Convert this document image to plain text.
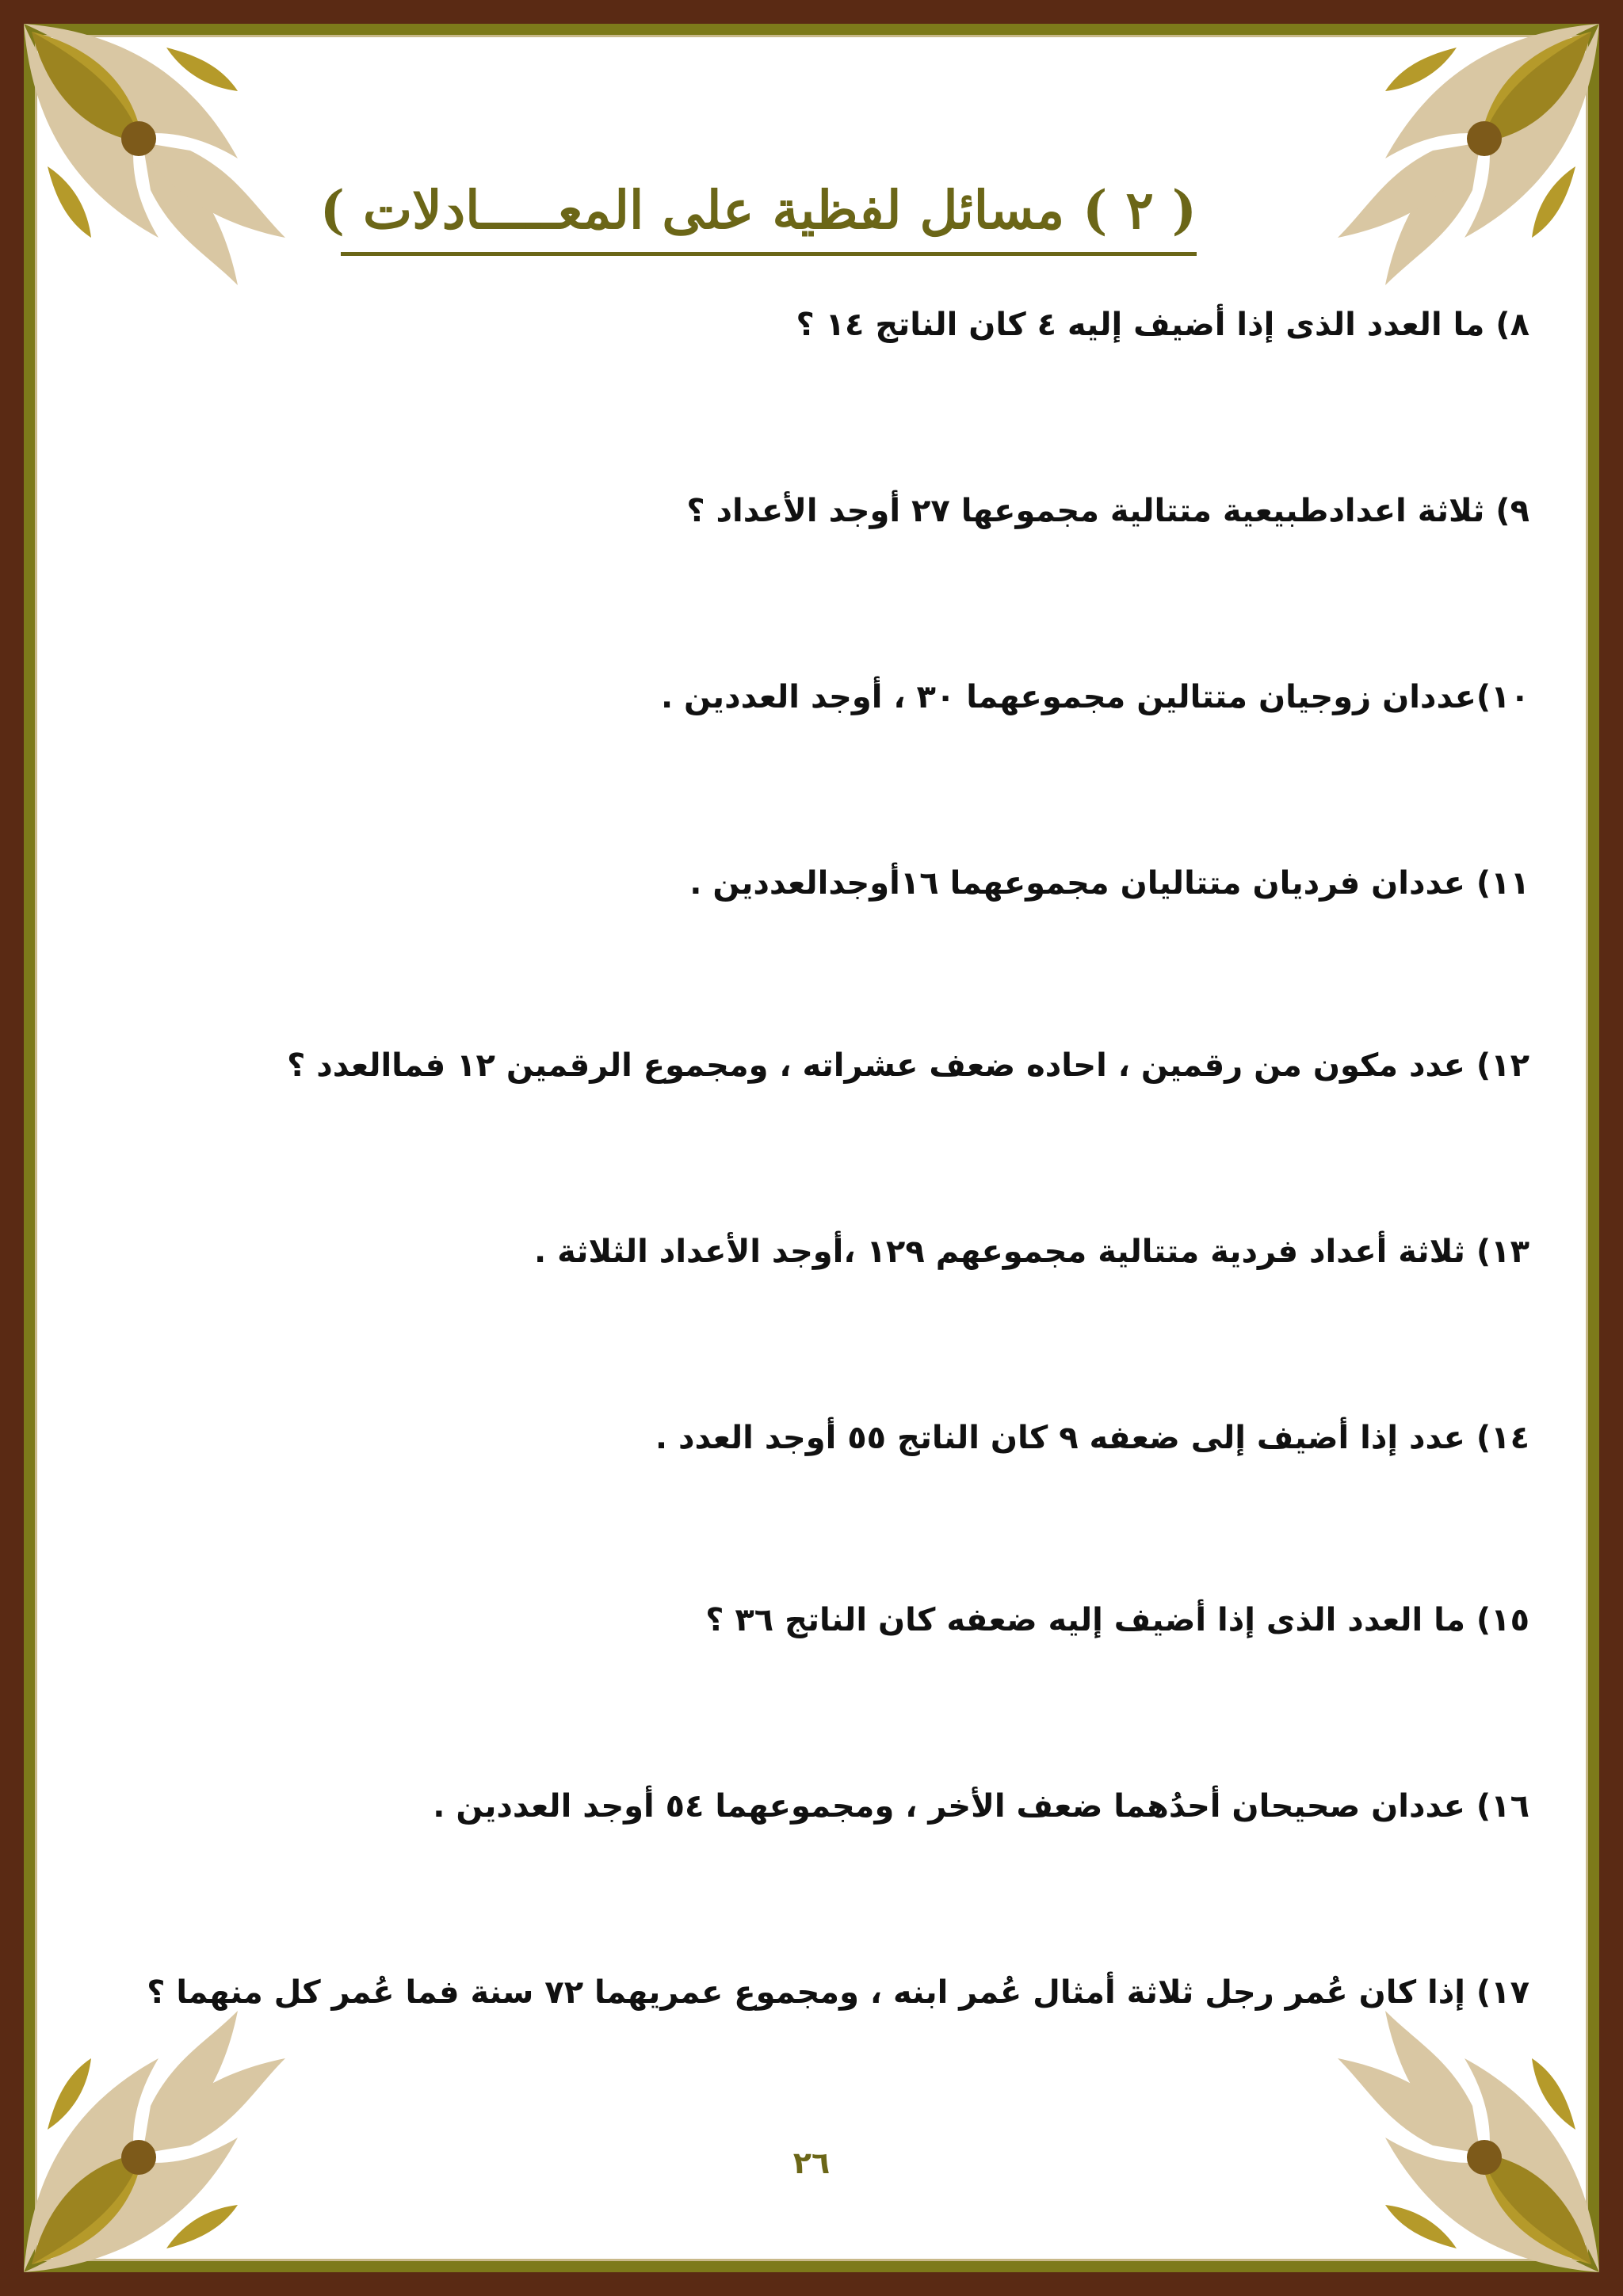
( ٢ ) مسائل لفظية على المعـــــادلات )
٨) ما العدد الذى إذا أضيف إليه ٤ كان الناتج ١٤ ؟
٩) ثلاثة اعدادطبيعية متتالية مجموعها ٢٧ أوجد الأعداد ؟
١٠)عددان زوجيان متتالين مجموعهما ٣٠ ، أوجد العددين .
١١) عددان فرديان متتاليان مجموعهما ١٦أوجدالعددين .
١٢) عدد مكون من رقمين ، احاده ضعف عشراته ، ومجموع الرقمين ١٢ فماالعدد ؟
١٣) ثلاثة أعداد فردية متتالية مجموعهم ١٢٩ ،أوجد الأعداد الثلاثة .
١٤) عدد إذا أضيف إلى ضعفه ٩ كان الناتج ٥٥ أوجد العدد .
١٥) ما العدد الذى إذا أضيف إليه ضعفه كان الناتج ٣٦ ؟
١٦) عددان صحيحان أحدُهما ضعف الأخر ، ومجموعهما ٥٤ أوجد العددين .
١٧) إذا كان عُمر رجل ثلاثة أمثال عُمر ابنه ، ومجموع عمريهما ٧٢ سنة فما عُمر كل منهما ؟
٢٦
